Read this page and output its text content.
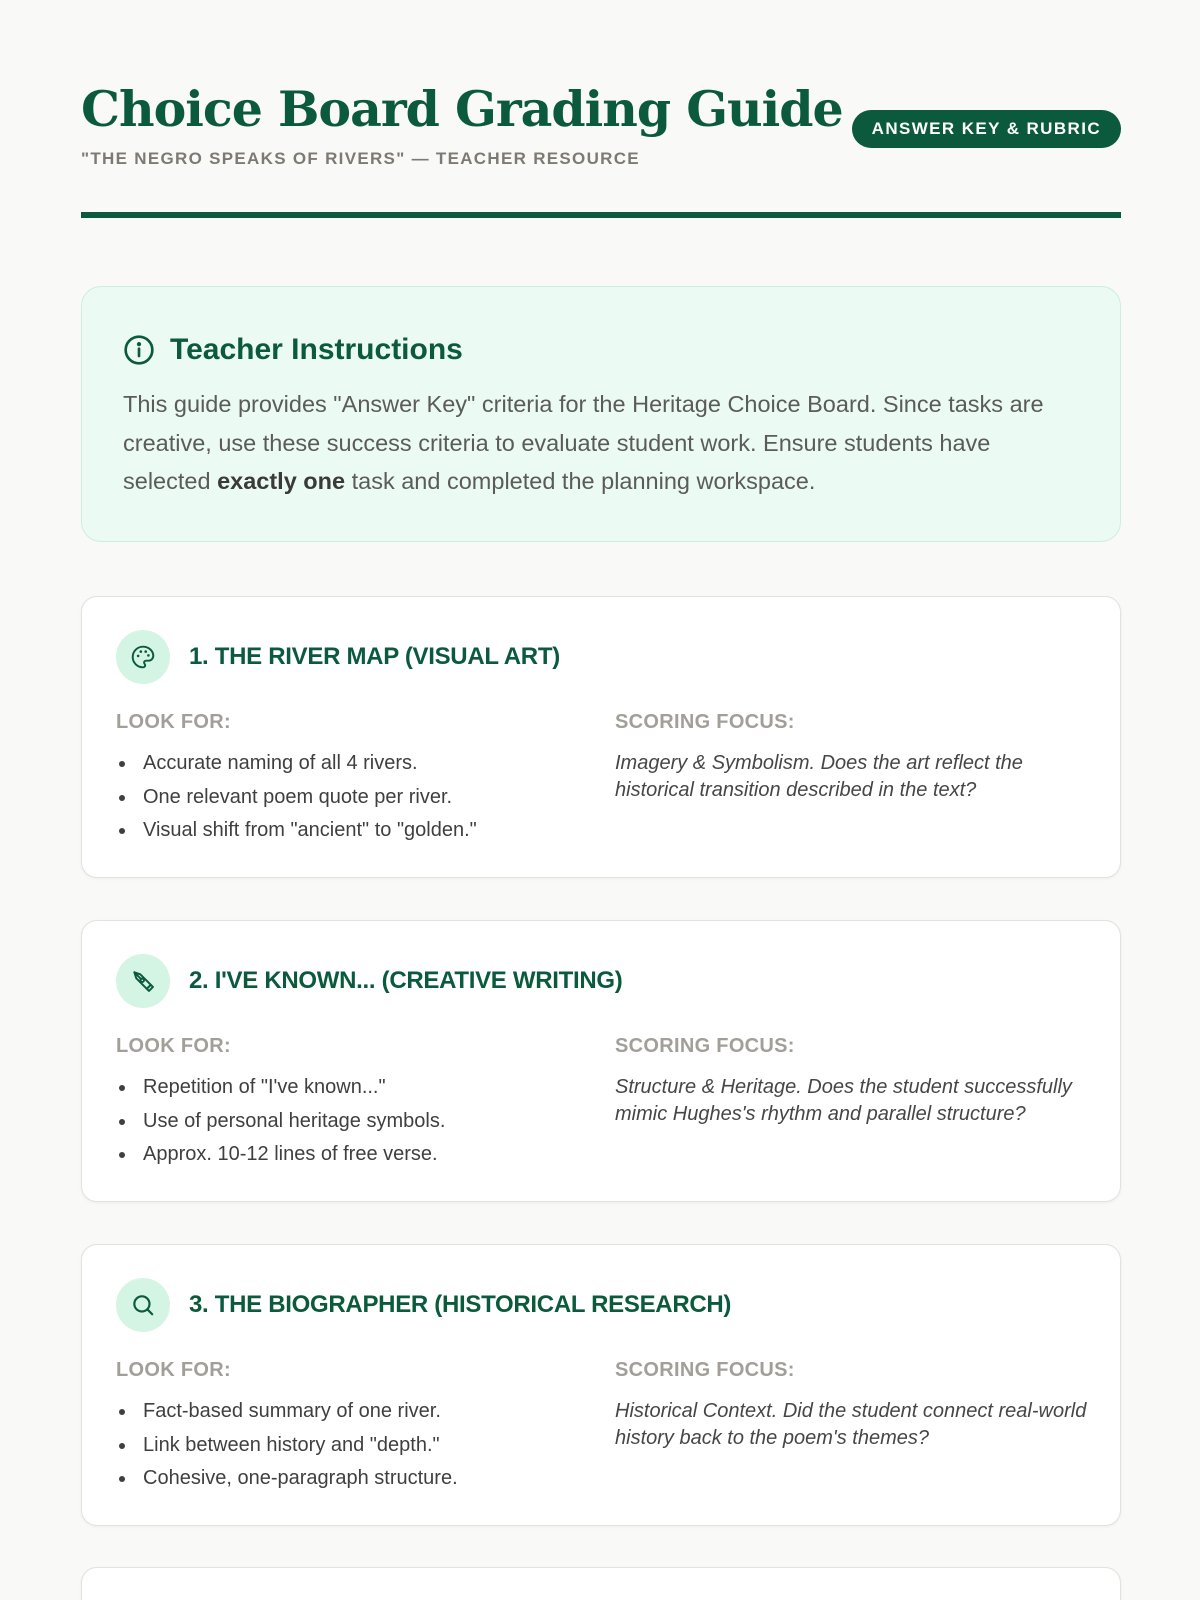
Choice Board Grading Guide
"THE NEGRO SPEAKS OF RIVERS" — TEACHER RESOURCE
ANSWER KEY & RUBRIC
Teacher Instructions

This guide provides "Answer Key" criteria for the Heritage Choice Board. Since tasks are creative, use these success criteria to evaluate student work. Ensure students have selected exactly one task and completed the planning workspace.

1. THE RIVER MAP (VISUAL ART)
LOOK FOR:
Accurate naming of all 4 rivers.
One relevant poem quote per river.
Visual shift from "ancient" to "golden."
SCORING FOCUS:
Imagery & Symbolism. Does the art reflect the historical transition described in the text?
2. I'VE KNOWN... (CREATIVE WRITING)
LOOK FOR:
Repetition of "I've known..."
Use of personal heritage symbols.
Approx. 10-12 lines of free verse.
SCORING FOCUS:
Structure & Heritage. Does the student successfully mimic Hughes's rhythm and parallel structure?
3. THE BIOGRAPHER (HISTORICAL RESEARCH)
LOOK FOR:
Fact-based summary of one river.
Link between history and "depth."
Cohesive, one-paragraph structure.
SCORING FOCUS:
Historical Context. Did the student connect real-world history back to the poem's themes?
